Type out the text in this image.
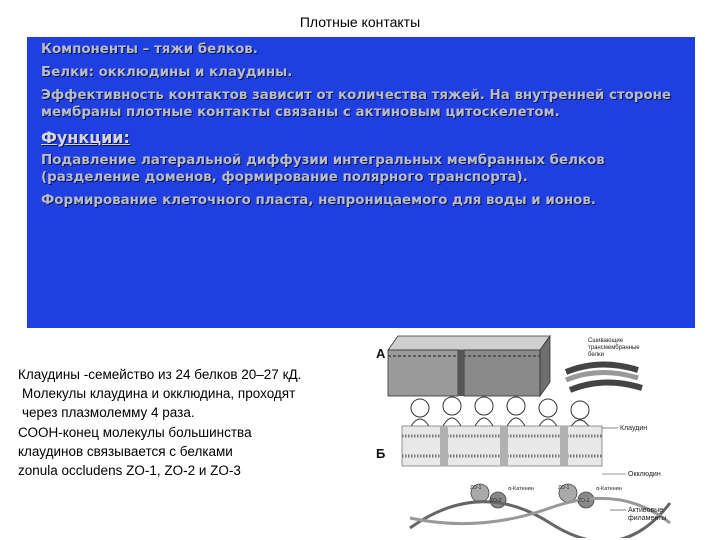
Плотные контакты

Компоненты – тяжи белков.

Белки: окклюдины и клаудины.

Эффективность контактов зависит от количества тяжей. На внутренней стороне мембраны плотные контакты связаны с актиновым цитоскелетом.

Функции:

Подавление латеральной диффузии интегральных мембранных белков (разделение доменов, формирование полярного транспорта).

Формирование клеточного пласта, непроницаемого для воды и ионов.

Клаудины -семейство из 24 белков 20–27 кД.
Молекулы клаудина и окклюдина, проходят
через плазмолемму 4 раза.
СООН-конец молекулы большинства
клаудинов связывается с белками
zonula occludens ZO-1, ZO-2 и ZO-3
А
Сшивающие
трансмембранные
белки
Б
ZO-1
ZO-2
ZO-1
ZO-2
α-Катенин	α-Катенин
Клаудин
Окклюдин
Активовые
филаменты
